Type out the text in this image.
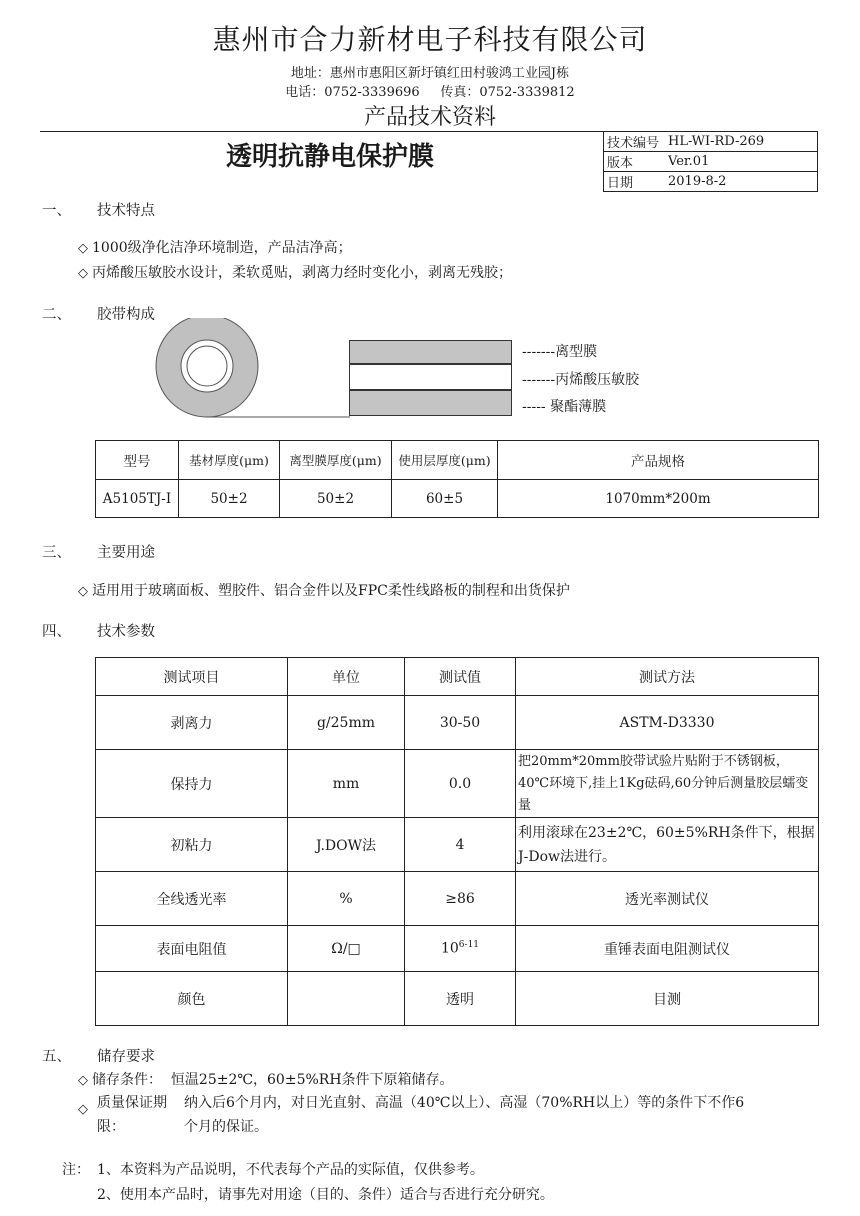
惠州市合力新材电子科技有限公司
地址：惠州市惠阳区新圩镇红田村骏鸿工业园J栋
电话：0752-3339696 传真：0752-3339812
产品技术资料
透明抗静电保护膜	技术编号	HL-WI-RD-269
版本	Ver.01
日期	2019-8-2
一、 技术特点
◇ 1000级净化洁净环境制造，产品洁净高；
◇ 丙烯酸压敏胶水设计，柔软觅贴，剥离力经时变化小，剥离无残胶；
二、 胶带构成
-------离型膜
-------丙烯酸压敏胶
----- 聚酯薄膜
型号	基材厚度(μm)	离型膜厚度(μm)	使用层厚度(μm)	产品规格
A5105TJ-I	50±2	50±2	60±5	1070mm*200m
三、 主要用途
◇ 适用用于玻璃面板、塑胶件、铝合金件以及FPC柔性线路板的制程和出货保护
四、 技术参数
测试项目	单位	测试值	测试方法
剥离力	g/25mm	30-50	ASTM-D3330
保持力	mm	0.0	把20mm*20mm胶带试验片贴附于不锈钢板，40℃环境下,挂上1Kg砝码,60分钟后测量胶层蠕变量
初粘力	J.DOW法	4	利用滚球在23±2℃，60±5%RH条件下，根据J-Dow法进行。
全线透光率	%	≥86	透光率测试仪
表面电阻值	Ω/□	10$^{6-11}$	重锤表面电阻测试仪
颜色		透明	目测
五、 储存要求
◇ 储存条件： 恒温25±2℃，60±5%RH条件下原箱储存。
◇ 质量保证期
限：
纳入后6个月内，对日光直射、高温（40℃以上）、高湿（70%RH以上）等的条件下不作6
个月的保证。
注： 1、本资料为产品说明，不代表每个产品的实际值，仅供参考。
2、使用本产品时，请事先对用途（目的、条件）适合与否进行充分研究。
